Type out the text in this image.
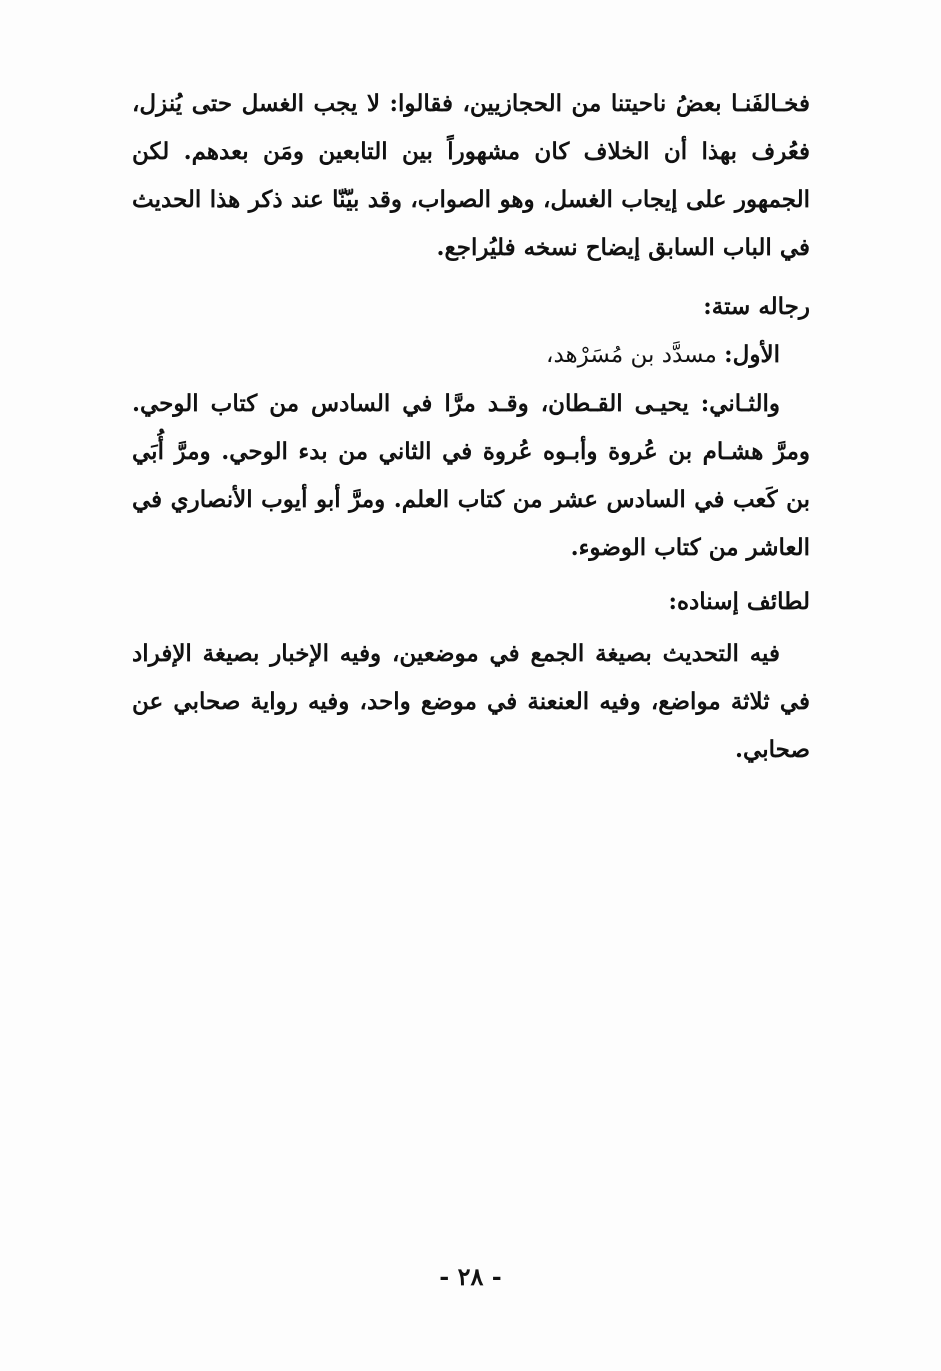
فخـالفَنـا بعضُ ناحيتنا من الحجازيين، فقالوا: لا يجب الغسل حتى يُنزل، فعُرف بهذا أن الخلاف كان مشهوراً بين التابعين ومَن بعدهم. لكن الجمهور على إيجاب الغسل، وهو الصواب، وقد بيّنّا عند ذكر هذا الحديث في الباب السابق إيضاح نسخه فليُراجع.
رجاله ستة:
الأول: مسدَّد بن مُسَرْهد،
والثـاني: يحيـى القـطان، وقـد مرَّا في السادس من كتاب الوحي. ومرَّ هشـام بن عُروة وأبـوه عُروة في الثاني من بدء الوحي. ومرَّ أُبَي بن كَعب في السادس عشر من كتاب العلم. ومرَّ أبو أيوب الأنصاري في العاشر من كتاب الوضوء.
لطائف إسناده:
فيه التحديث بصيغة الجمع في موضعين، وفيه الإخبار بصيغة الإفراد في ثلاثة مواضع، وفيه العنعنة في موضع واحد، وفيه رواية صحابي عن صحابي.
- ٢٨ -
